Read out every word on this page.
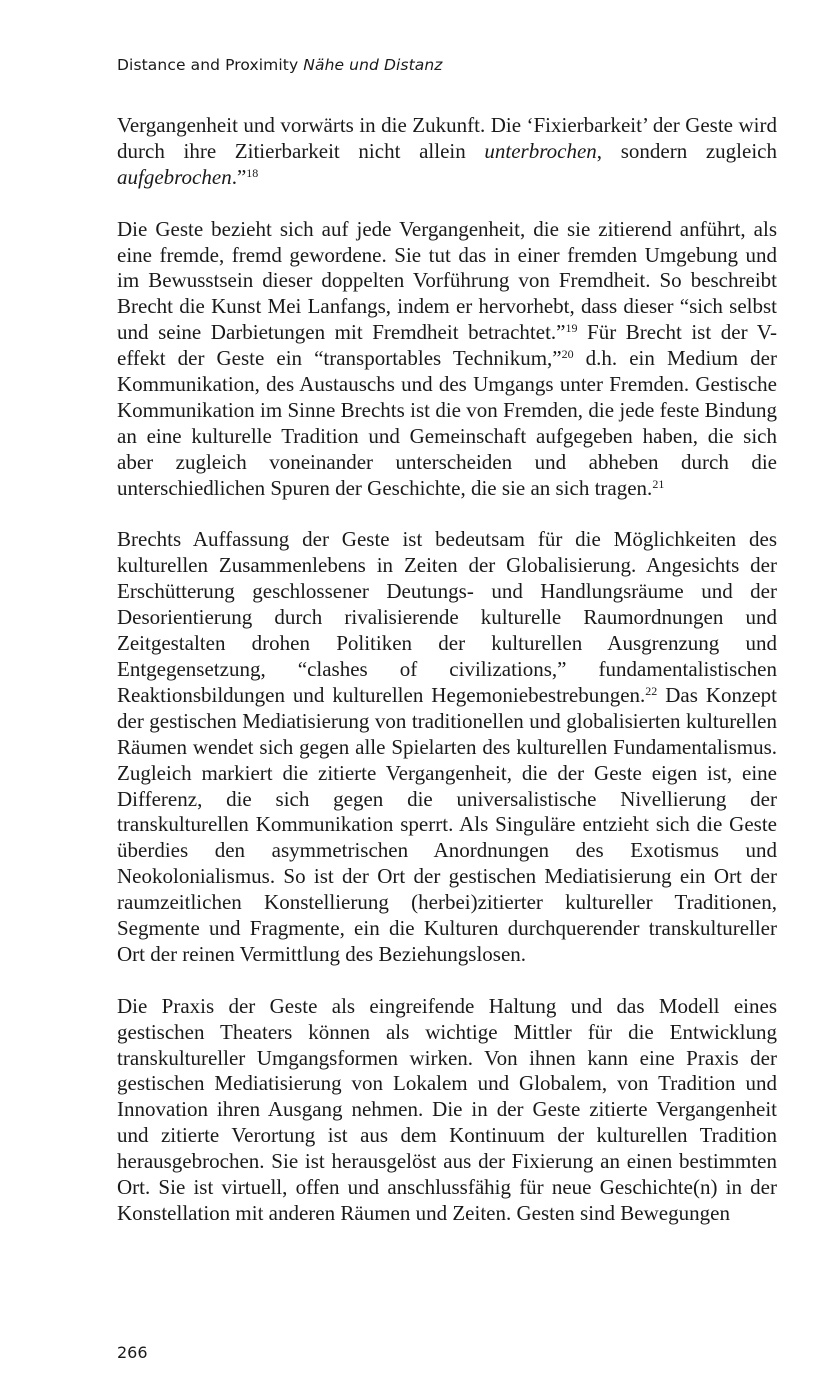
Distance and Proximity Nähe und Distanz

Vergangenheit und vorwärts in die Zukunft. Die ‘Fixierbarkeit’ der Geste wird durch ihre Zitierbarkeit nicht allein unterbrochen, sondern zugleich aufgebrochen.”$^{18}$

Die Geste bezieht sich auf jede Vergangenheit, die sie zitierend anführt, als eine fremde, fremd gewordene. Sie tut das in einer fremden Umgebung und im Bewusstsein dieser doppelten Vorführung von Fremdheit. So beschreibt Brecht die Kunst Mei Lanfangs, indem er hervorhebt, dass dieser “sich selbst und seine Darbietungen mit Fremdheit betrachtet.”$^{19}$ Für Brecht ist der V-effekt der Geste ein “transportables Technikum,”$^{20}$ d.h. ein Medium der Kommunikation, des Austauschs und des Umgangs unter Fremden. Gestische Kommunikation im Sinne Brechts ist die von Fremden, die jede feste Bindung an eine kulturelle Tradition und Gemeinschaft aufgegeben haben, die sich aber zugleich voneinander unterscheiden und abheben durch die unterschiedlichen Spuren der Geschichte, die sie an sich tragen.$^{21}$

Brechts Auffassung der Geste ist bedeutsam für die Möglichkeiten des kulturellen Zusammenlebens in Zeiten der Globalisierung. Angesichts der Erschütterung geschlossener Deutungs- und Handlungsräume und der Desorientierung durch rivalisierende kulturelle Raumordnungen und Zeitgestalten drohen Politiken der kulturellen Ausgrenzung und Entgegensetzung, “clashes of civilizations,” fundamentalistischen Reaktionsbildungen und kulturellen Hegemoniebestrebungen.$^{22}$ Das Konzept der gestischen Mediatisierung von traditionellen und globalisierten kulturellen Räumen wendet sich gegen alle Spielarten des kulturellen Fundamentalismus. Zugleich markiert die zitierte Vergangenheit, die der Geste eigen ist, eine Differenz, die sich gegen die universalistische Nivellierung der transkulturellen Kommunikation sperrt. Als Singuläre entzieht sich die Geste überdies den asymmetrischen Anordnungen des Exotismus und Neokolonialismus. So ist der Ort der gestischen Mediatisierung ein Ort der raumzeitlichen Konstellierung (herbei)zitierter kultureller Traditionen, Segmente und Fragmente, ein die Kulturen durchquerender transkultureller Ort der reinen Vermittlung des Beziehungslosen.

Die Praxis der Geste als eingreifende Haltung und das Modell eines gestischen Theaters können als wichtige Mittler für die Entwicklung transkultureller Umgangsformen wirken. Von ihnen kann eine Praxis der gestischen Mediatisierung von Lokalem und Globalem, von Tradition und Innovation ihren Ausgang nehmen. Die in der Geste zitierte Vergangenheit und zitierte Verortung ist aus dem Kontinuum der kulturellen Tradition herausgebrochen. Sie ist herausgelöst aus der Fixierung an einen bestimmten Ort. Sie ist virtuell, offen und anschlussfähig für neue Geschichte(n) in der Konstellation mit anderen Räumen und Zeiten. Gesten sind Bewegungen

266
